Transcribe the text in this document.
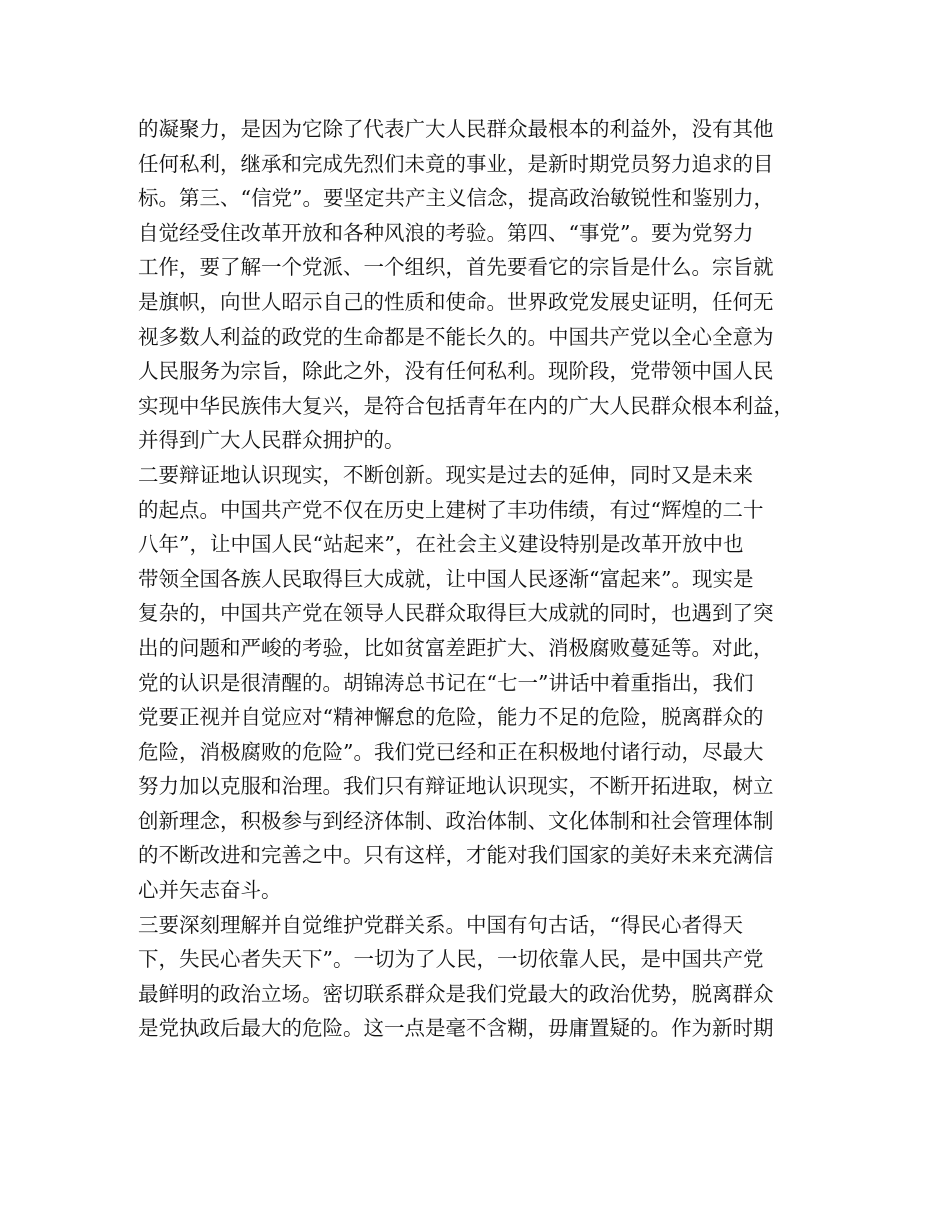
的凝聚力，是因为它除了代表广大人民群众最根本的利益外，没有其他
任何私利，继承和完成先烈们未竟的事业，是新时期党员努力追求的目
标。第三、“信党”。要坚定共产主义信念，提高政治敏锐性和鉴别力，
自觉经受住改革开放和各种风浪的考验。第四、“事党”。要为党努力
工作，要了解一个党派、一个组织，首先要看它的宗旨是什么。宗旨就
是旗帜，向世人昭示自己的性质和使命。世界政党发展史证明，任何无
视多数人利益的政党的生命都是不能长久的。中国共产党以全心全意为
人民服务为宗旨，除此之外，没有任何私利。现阶段，党带领中国人民
实现中华民族伟大复兴，是符合包括青年在内的广大人民群众根本利益，
并得到广大人民群众拥护的。
二要辩证地认识现实，不断创新。现实是过去的延伸，同时又是未来
的起点。中国共产党不仅在历史上建树了丰功伟绩，有过“辉煌的二十
八年”，让中国人民“站起来”，在社会主义建设特别是改革开放中也
带领全国各族人民取得巨大成就，让中国人民逐渐“富起来”。现实是
复杂的，中国共产党在领导人民群众取得巨大成就的同时，也遇到了突
出的问题和严峻的考验，比如贫富差距扩大、消极腐败蔓延等。对此，
党的认识是很清醒的。胡锦涛总书记在“七一”讲话中着重指出，我们
党要正视并自觉应对“精神懈怠的危险，能力不足的危险，脱离群众的
危险，消极腐败的危险”。我们党已经和正在积极地付诸行动，尽最大
努力加以克服和治理。我们只有辩证地认识现实，不断开拓进取，树立
创新理念，积极参与到经济体制、政治体制、文化体制和社会管理体制
的不断改进和完善之中。只有这样，才能对我们国家的美好未来充满信
心并矢志奋斗。
三要深刻理解并自觉维护党群关系。中国有句古话，“得民心者得天
下，失民心者失天下”。一切为了人民，一切依靠人民，是中国共产党
最鲜明的政治立场。密切联系群众是我们党最大的政治优势，脱离群众
是党执政后最大的危险。这一点是毫不含糊，毋庸置疑的。作为新时期
